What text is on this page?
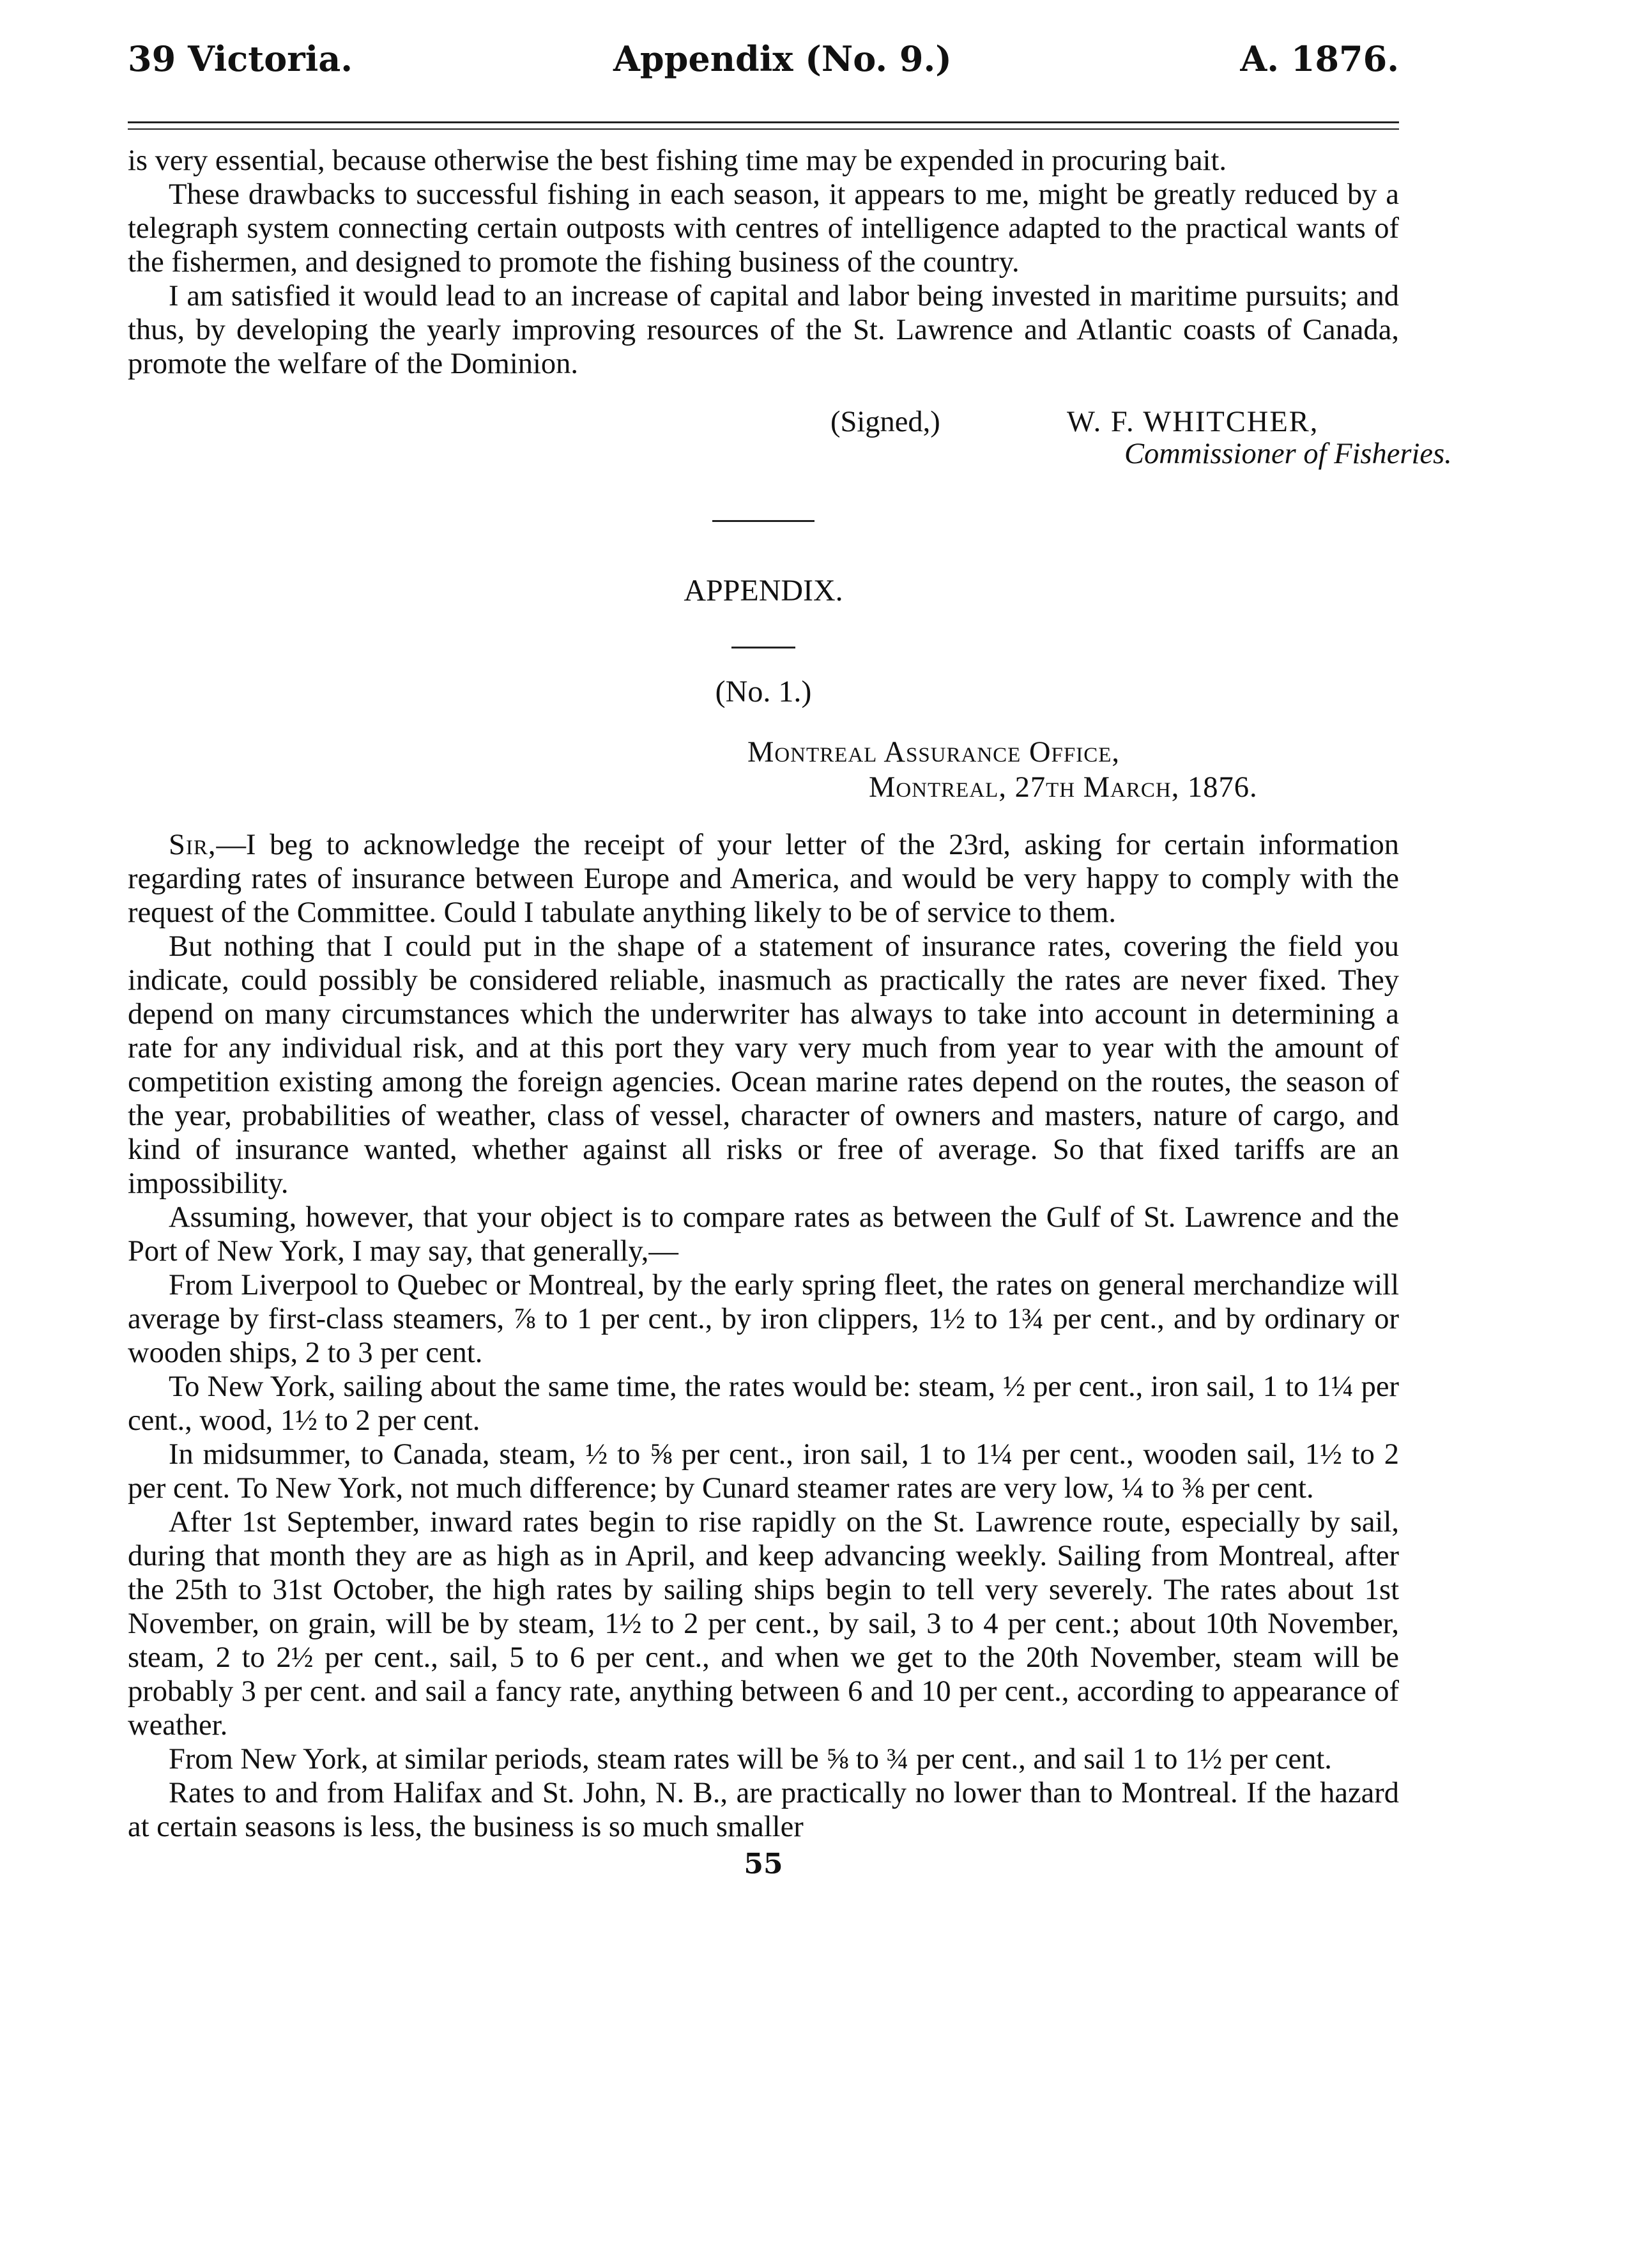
39 Victoria.	Appendix (No. 9.)	A. 1876.

is very essential, because otherwise the best fishing time may be expended in procuring bait.

These drawbacks to successful fishing in each season, it appears to me, might be greatly reduced by a telegraph system connecting certain outposts with centres of intelligence adapted to the practical wants of the fishermen, and designed to promote the fishing business of the country.

I am satisfied it would lead to an increase of capital and labor being invested in maritime pursuits; and thus, by developing the yearly improving resources of the St. Lawrence and Atlantic coasts of Canada, promote the welfare of the Dominion.

(Signed,)	W. F. WHITCHER,
Commissioner of Fisheries.
APPENDIX.
(No. 1.)
Montreal Assurance Office,
Montreal, 27th March, 1876.

Sir,—I beg to acknowledge the receipt of your letter of the 23rd, asking for certain information regarding rates of insurance between Europe and America, and would be very happy to comply with the request of the Committee. Could I tabulate anything likely to be of service to them.

But nothing that I could put in the shape of a statement of insurance rates, covering the field you indicate, could possibly be considered reliable, inasmuch as practically the rates are never fixed. They depend on many circumstances which the underwriter has always to take into account in determining a rate for any individual risk, and at this port they vary very much from year to year with the amount of competition existing among the foreign agencies. Ocean marine rates depend on the routes, the season of the year, probabilities of weather, class of vessel, character of owners and masters, nature of cargo, and kind of insurance wanted, whether against all risks or free of average. So that fixed tariffs are an impossibility.

Assuming, however, that your object is to compare rates as between the Gulf of St. Lawrence and the Port of New York, I may say, that generally,—

From Liverpool to Quebec or Montreal, by the early spring fleet, the rates on general merchandize will average by first-class steamers, ⅞ to 1 per cent., by iron clippers, 1½ to 1¾ per cent., and by ordinary or wooden ships, 2 to 3 per cent.

To New York, sailing about the same time, the rates would be: steam, ½ per cent., iron sail, 1 to 1¼ per cent., wood, 1½ to 2 per cent.

In midsummer, to Canada, steam, ½ to ⅝ per cent., iron sail, 1 to 1¼ per cent., wooden sail, 1½ to 2 per cent. To New York, not much difference; by Cunard steamer rates are very low, ¼ to ⅜ per cent.

After 1st September, inward rates begin to rise rapidly on the St. Lawrence route, especially by sail, during that month they are as high as in April, and keep advancing weekly. Sailing from Montreal, after the 25th to 31st October, the high rates by sailing ships begin to tell very severely. The rates about 1st November, on grain, will be by steam, 1½ to 2 per cent., by sail, 3 to 4 per cent.; about 10th November, steam, 2 to 2½ per cent., sail, 5 to 6 per cent., and when we get to the 20th November, steam will be probably 3 per cent. and sail a fancy rate, anything between 6 and 10 per cent., according to appearance of weather.

From New York, at similar periods, steam rates will be ⅝ to ¾ per cent., and sail 1 to 1½ per cent.

Rates to and from Halifax and St. John, N. B., are practically no lower than to Montreal. If the hazard at certain seasons is less, the business is so much smaller

55
